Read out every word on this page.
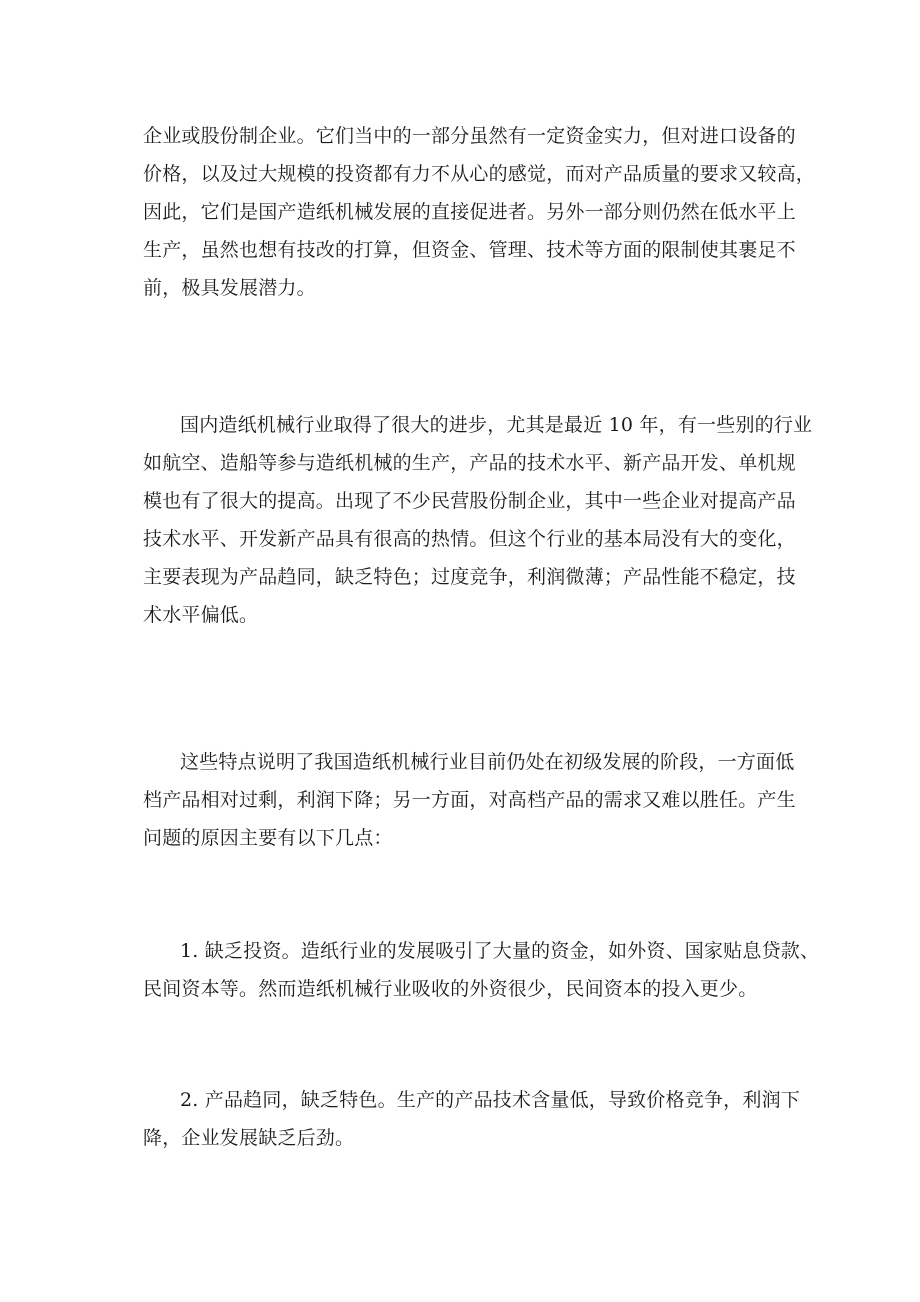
企业或股份制企业。它们当中的一部分虽然有一定资金实力，但对进口设备的
价格，以及过大规模的投资都有力不从心的感觉，而对产品质量的要求又较高，
因此，它们是国产造纸机械发展的直接促进者。另外一部分则仍然在低水平上
生产，虽然也想有技改的打算，但资金、管理、技术等方面的限制使其裹足不
前，极具发展潜力。

国内造纸机械行业取得了很大的进步，尤其是最近 10 年，有一些别的行业
如航空、造船等参与造纸机械的生产，产品的技术水平、新产品开发、单机规
模也有了很大的提高。出现了不少民营股份制企业，其中一些企业对提高产品
技术水平、开发新产品具有很高的热情。但这个行业的基本局没有大的变化，
主要表现为产品趋同，缺乏特色；过度竞争，利润微薄；产品性能不稳定，技
术水平偏低。

这些特点说明了我国造纸机械行业目前仍处在初级发展的阶段，一方面低
档产品相对过剩，利润下降；另一方面，对高档产品的需求又难以胜任。产生
问题的原因主要有以下几点：

1. 缺乏投资。造纸行业的发展吸引了大量的资金，如外资、国家贴息贷款、
民间资本等。然而造纸机械行业吸收的外资很少，民间资本的投入更少。

2. 产品趋同，缺乏特色。生产的产品技术含量低，导致价格竞争，利润下
降，企业发展缺乏后劲。
